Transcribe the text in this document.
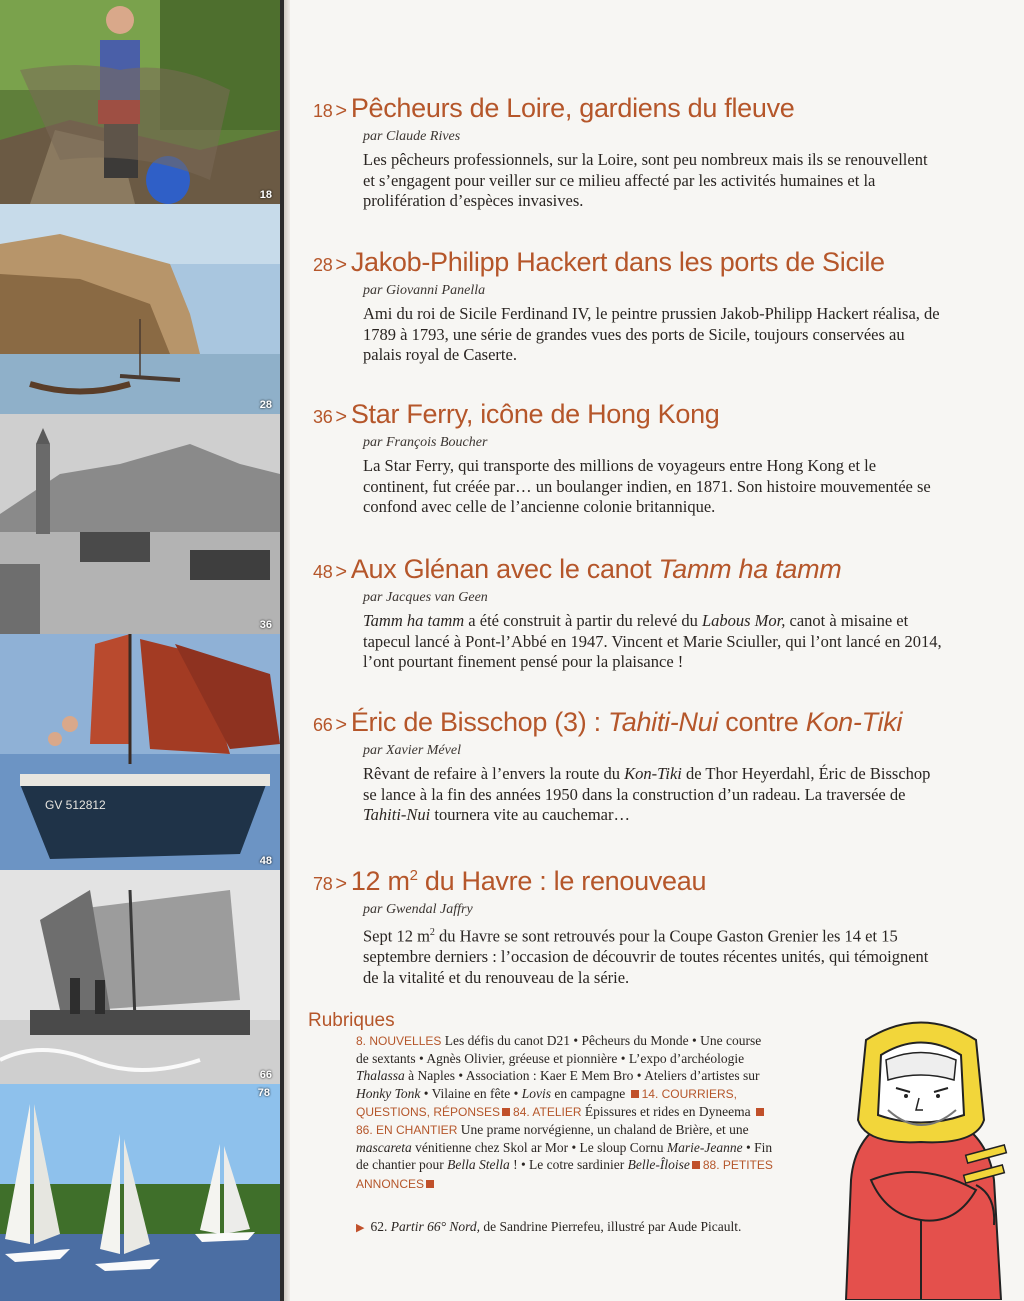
18
28
36
GV 512812
48
66
78
18 > Pêcheurs de Loire, gardiens du fleuve
par Claude Rives
Les pêcheurs professionnels, sur la Loire, sont peu nombreux mais ils se renouvellent et s’engagent pour veiller sur ce milieu affecté par les activités humaines et la prolifération d’espèces invasives.
28 > Jakob-Philipp Hackert dans les ports de Sicile
par Giovanni Panella
Ami du roi de Sicile Ferdinand IV, le peintre prussien Jakob-Philipp Hackert réalisa, de 1789 à 1793, une série de grandes vues des ports de Sicile, toujours conservées au palais royal de Caserte.
36 > Star Ferry, icône de Hong Kong
par François Boucher
La Star Ferry, qui transporte des millions de voyageurs entre Hong Kong et le continent, fut créée par… un boulanger indien, en 1871. Son histoire mouvementée se confond avec celle de l’ancienne colonie britannique.
48 > Aux Glénan avec le canot Tamm ha tamm
par Jacques van Geen
Tamm ha tamm a été construit à partir du relevé du Labous Mor, canot à misaine et tapecul lancé à Pont-l’Abbé en 1947. Vincent et Marie Sciuller, qui l’ont lancé en 2014, l’ont pourtant finement pensé pour la plaisance !
66 > Éric de Bisschop (3) : Tahiti-Nui contre Kon-Tiki
par Xavier Mével
Rêvant de refaire à l’envers la route du Kon-Tiki de Thor Heyerdahl, Éric de Bisschop se lance à la fin des années 1950 dans la construction d’un radeau. La traversée de Tahiti-Nui tournera vite au cauchemar…
78 > 12 $m^2$ du Havre : le renouveau
par Gwendal Jaffry
Sept 12 $m^2$ du Havre se sont retrouvés pour la Coupe Gaston Grenier les 14 et 15 septembre derniers : l’occasion de découvrir de toutes récentes unités, qui témoignent de la vitalité et du renouveau de la série.
Rubriques
8. NOUVELLES Les défis du canot D21 • Pêcheurs du Monde • Une course de sextants • Agnès Olivier, gréeuse et pionnière • L’expo d’archéologie Thalassa à Naples • Association : Kaer E Mem Bro • Ateliers d’artistes sur Honky Tonk • Vilaine en fête • Lovis en campagne 14. COURRIERS, QUESTIONS, RÉPONSES 84. ATELIER Épissures et rides en Dyneema 86. EN CHANTIER Une prame norvégienne, un chaland de Brière, et une mascareta vénitienne chez Skol ar Mor • Le sloup Cornu Marie-Jeanne • Fin de chantier pour Bella Stella ! • Le cotre sardinier Belle-Îloise 88. PETITES ANNONCES
▶ 62. Partir 66° Nord, de Sandrine Pierrefeu, illustré par Aude Picault.
